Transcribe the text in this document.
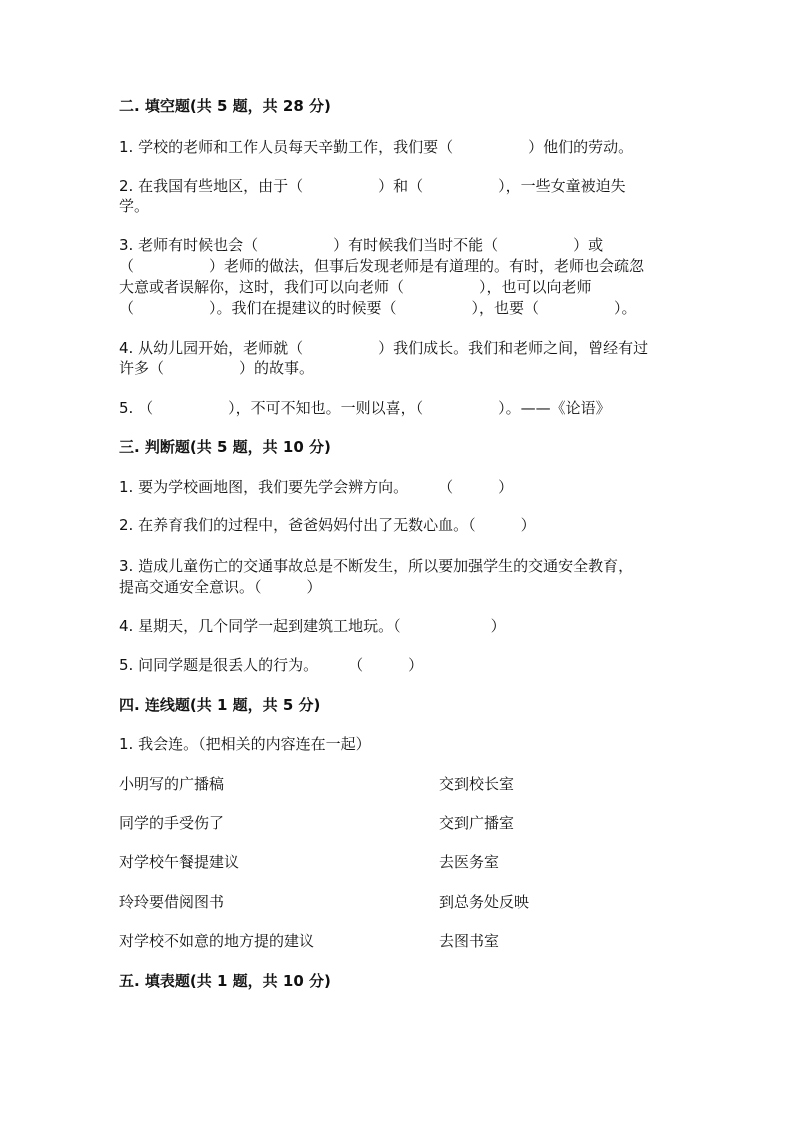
二. 填空题(共 5 题，共 28 分)
1. 学校的老师和工作人员每天辛勤工作，我们要（　　　　　）他们的劳动。
2. 在我国有些地区，由于（　　　　　）和（　　　　　），一些女童被迫失
学。
3. 老师有时候也会（　　　　　）有时候我们当时不能（　　　　　）或
（　　　　　）老师的做法，但事后发现老师是有道理的。有时，老师也会疏忽
大意或者误解你，这时，我们可以向老师（　　　　　），也可以向老师
（　　　　　）。我们在提建议的时候要（　　　　　），也要（　　　　　）。
4. 从幼儿园开始，老师就（　　　　　）我们成长。我们和老师之间，曾经有过
许多（　　　　　）的故事。
5. （　　　　　），不可不知也。一则以喜，（　　　　　）。——《论语》
三. 判断题(共 5 题，共 10 分)
1. 要为学校画地图，我们要先学会辨方向。　　　（　　　）
2. 在养育我们的过程中，爸爸妈妈付出了无数心血。（　　　）
3. 造成儿童伤亡的交通事故总是不断发生，所以要加强学生的交通安全教育，
提高交通安全意识。（　　　）
4. 星期天，几个同学一起到建筑工地玩。（　　　　　　）
5. 问同学题是很丢人的行为。　　　（　　　）
四. 连线题(共 1 题，共 5 分)
1. 我会连。（把相关的内容连在一起）
小明写的广播稿	交到校长室
同学的手受伤了	交到广播室
对学校午餐提建议	去医务室
玲玲要借阅图书	到总务处反映
对学校不如意的地方提的建议	去图书室
五. 填表题(共 1 题，共 10 分)
